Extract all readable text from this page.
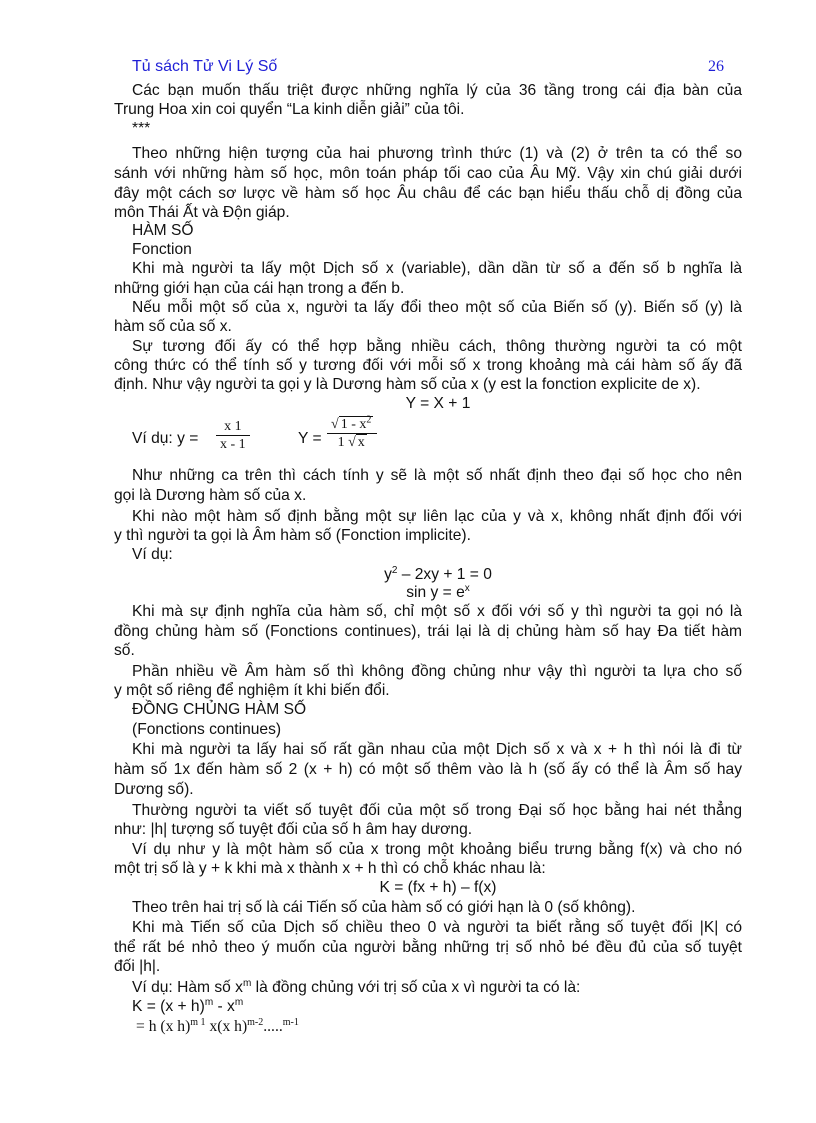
Tủ sách Tử Vi Lý Số	26
Các bạn muốn thấu triệt được những nghĩa lý của 36 tầng trong cái địa bàn của
Trung Hoa xin coi quyển “La kinh diễn giải” của tôi.
***
Theo những hiện tượng của hai phương trình thức (1) và (2) ở trên ta có thể so
sánh với những hàm số học, môn toán pháp tối cao của Âu Mỹ. Vậy xin chú giải dưới
đây một cách sơ lược về hàm số học Âu châu để các bạn hiểu thấu chỗ dị đồng của
môn Thái Ất và Độn giáp.
HÀM SỐ
Fonction
Khi mà người ta lấy một Dịch số x (variable), dần dần từ số a đến số b nghĩa là
những giới hạn của cái hạn trong a đến b.
Nếu mỗi một số của x, người ta lấy đổi theo một số của Biến số (y). Biến số (y) là
hàm số của số x.
Sự tương đối ấy có thể hợp bằng nhiều cách, thông thường người ta có một
công thức có thể tính số y tương đối với mỗi số x trong khoảng mà cái hàm số ấy đã
định. Như vậy người ta gọi y là Dương hàm số của x (y est la fonction explicite de x).
Y = X + 1
Ví dụ: $y = \frac{x 1}{x - 1}$	$Y = \frac{√ 1 - x^2}{1 √ x}$
Như những ca trên thì cách tính y sẽ là một số nhất định theo đại số học cho nên
gọi là Dương hàm số của x.
Khi nào một hàm số định bằng một sự liên lạc của y và x, không nhất định đối với
y thì người ta gọi là Âm hàm số (Fonction implicite).
Ví dụ:
$y^2 - 2xy + 1 = 0$
$\sin y = e^x$
Khi mà sự định nghĩa của hàm số, chỉ một số x đối với số y thì người ta gọi nó là
đồng chủng hàm số (Fonctions continues), trái lại là dị chủng hàm số hay Đa tiết hàm
số.
Phần nhiều về Âm hàm số thì không đồng chủng như vậy thì người ta lựa cho số
y một số riêng để nghiệm ít khi biến đổi.
ĐỒNG CHỦNG HÀM SỐ
(Fonctions continues)
Khi mà người ta lấy hai số rất gần nhau của một Dịch số x và x + h thì nói là đi từ
hàm số 1x đến hàm số 2 (x + h) có một số thêm vào là h (số ấy có thể là Âm số hay
Dương số).
Thường người ta viết số tuyệt đối của một số trong Đại số học bằng hai nét thẳng
như: |h| tượng số tuyệt đối của số h âm hay dương.
Ví dụ như y là một hàm số của x trong một khoảng biểu trưng bằng f(x) và cho nó
một trị số là y + k khi mà x thành x + h thì có chỗ khác nhau là:
K = (fx + h) – f(x)
Theo trên hai trị số là cái Tiến số của hàm số có giới hạn là 0 (số không).
Khi mà Tiến số của Dịch số chiều theo 0 và người ta biết rằng số tuyệt đối |K| có
thể rất bé nhỏ theo ý muốn của người bằng những trị số nhỏ bé đều đủ của số tuyệt
đối |h|.
Ví dụ: Hàm số $x^m$ là đồng chủng với trị số của x vì người ta có là:
$K = (x + h)^m - x^m$
= h (x h)$^{m 1}$ x(x h)$^{m-2}$.....$^{m-1}$
